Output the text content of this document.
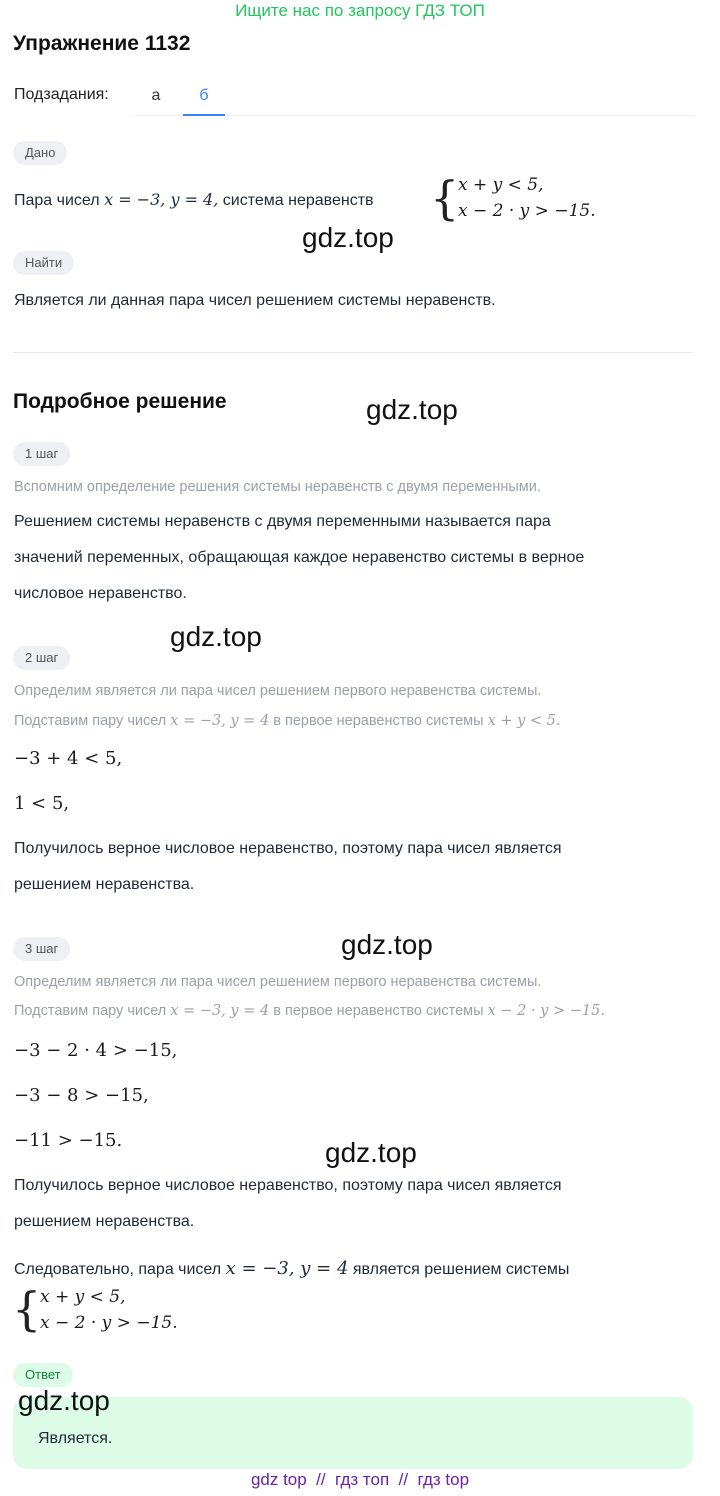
Ищите нас по запросу ГДЗ ТОП
Упражнение 1132
Подзадания:	а	б
Дано
Пара чисел x = −3, y = 4, система неравенств {
x + y < 5,
x − 2 · y > −15.
gdz.top
Найти
Является ли данная пара чисел решением системы неравенств.
Подробное решение	gdz.top
1 шаг
Вспомним определение решения системы неравенств с двумя переменными.
Решением системы неравенств с двумя переменными называется пара
значений переменных, обращающая каждое неравенство системы в верное
числовое неравенство.
gdz.top
2 шаг
Определим является ли пара чисел решением первого неравенства системы.
Подставим пару чисел x = −3, y = 4 в первое неравенство системы x + y < 5.
−3 + 4 < 5,
1 < 5,
Получилось верное числовое неравенство, поэтому пара чисел является
решением неравенства.
3 шаг	gdz.top
Определим является ли пара чисел решением первого неравенства системы.
Подставим пару чисел x = −3, y = 4 в первое неравенство системы x − 2 · y > −15.
−3 − 2 · 4 > −15,
−3 − 8 > −15,
−11 > −15.	gdz.top
Получилось верное числовое неравенство, поэтому пара чисел является
решением неравенства.
Следовательно, пара чисел x = −3, y = 4 является решением системы
{
x + y < 5,
x − 2 · y > −15.
Ответ
gdz.top
Является.
gdz top  //  гдз топ  //  гдз top
